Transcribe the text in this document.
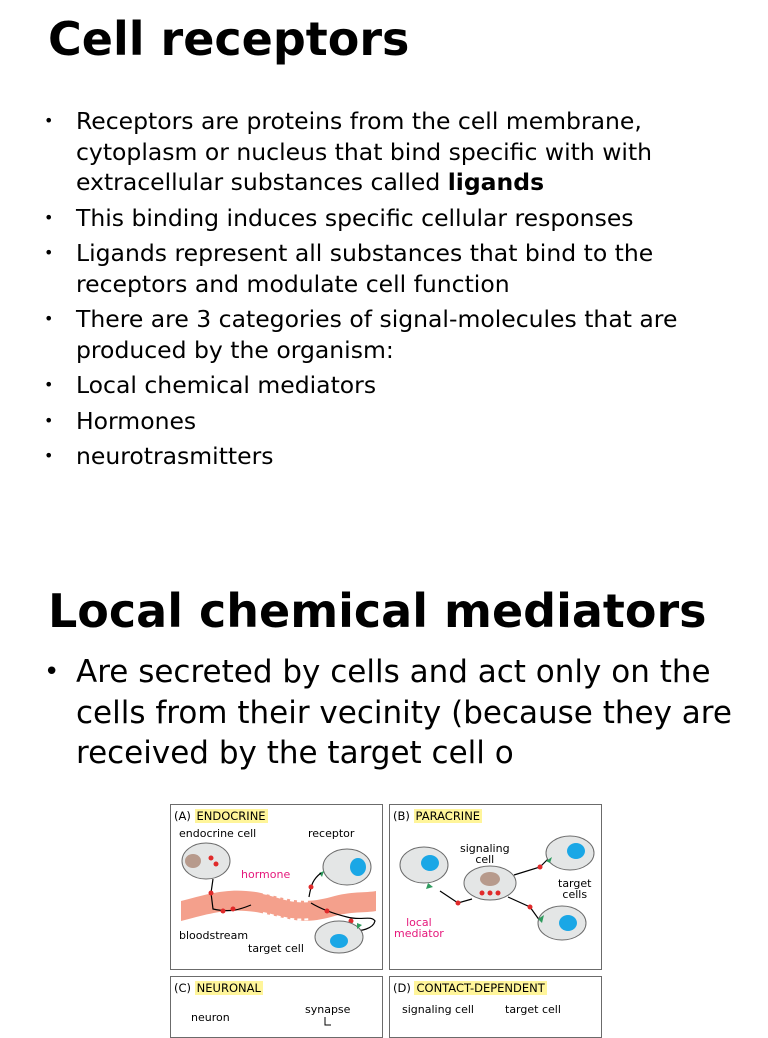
Cell receptors
• Receptors are proteins from the cell membrane, cytoplasm or nucleus that bind specific with with extracellular substances called ligands
• This binding induces specific cellular responses
• Ligands represent all substances that bind to the receptors and modulate cell function
• There are 3 categories of signal-molecules that are produced by the organism:
• Local chemical mediators
• Hormones
• neurotrasmitters
Local chemical mediators
• Are secreted by cells and act only on the cells from their vecinity (because they are received by the target cell o
(A) ENDOCRINE
endocrine cell	receptor
hormone
bloodstream
target cell
(B) PARACRINE
signaling
cell
target
cells
local
mediator
(C) NEURONAL
synapse
neuron
(D) CONTACT-DEPENDENT
signaling cell	target cell
